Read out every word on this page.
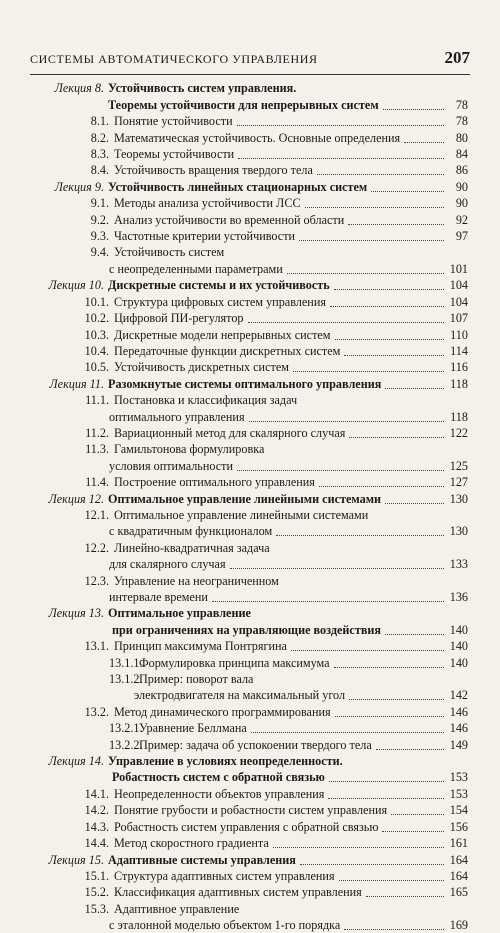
СИСТЕМЫ АВТОМАТИЧЕСКОГО УПРАВЛЕНИЯ	207
Лекция 8. Устойчивость систем управления.
Теоремы устойчивости для непрерывных систем	78
8.1. Понятие устойчивости	78
8.2. Математическая устойчивость. Основные определения	80
8.3. Теоремы устойчивости	84
8.4. Устойчивость вращения твердого тела	86
Лекция 9. Устойчивость линейных стационарных систем	90
9.1. Методы анализа устойчивости ЛСС	90
9.2. Анализ устойчивости во временной области	92
9.3. Частотные критерии устойчивости	97
9.4. Устойчивость систем
с неопределенными параметрами	101
Лекция 10. Дискретные системы и их устойчивость	104
10.1. Структура цифровых систем управления	104
10.2. Цифровой ПИ-регулятор	107
10.3. Дискретные модели непрерывных систем	110
10.4. Передаточные функции дискретных систем	114
10.5. Устойчивость дискретных систем	116
Лекция 11. Разомкнутые системы оптимального управления	118
11.1. Постановка и классификация задач
оптимального управления	118
11.2. Вариационный метод для скалярного случая	122
11.3. Гамильтонова формулировка
условия оптимальности	125
11.4. Построение оптимального управления	127
Лекция 12. Оптимальное управление линейными системами	130
12.1. Оптимальное управление линейными системами
с квадратичным функционалом	130
12.2. Линейно-квадратичная задача
для скалярного случая	133
12.3. Управление на неограниченном
интервале времени	136
Лекция 13. Оптимальное управление
при ограничениях на управляющие воздействия	140
13.1. Принцип максимума Понтрягина	140
13.1.1.
Формулировка принципа максимума	140
13.1.2.
Пример: поворот вала
электродвигателя на максимальный угол	142
13.2. Метод динамического программирования	146
13.2.1.
Уравнение Беллмана	146
13.2.2.
Пример: задача об успокоении твердого тела	149
Лекция 14. Управление в условиях неопределенности.
Робастность систем с обратной связью	153
14.1. Неопределенности объектов управления	153
14.2. Понятие грубости и робастности систем управления	154
14.3. Робастность систем управления с обратной связью	156
14.4. Метод скоростного градиента	161
Лекция 15. Адаптивные системы управления	164
15.1. Структура адаптивных систем управления	164
15.2. Классификация адаптивных систем управления	165
15.3. Адаптивное управление
с эталонной моделью объектом 1-го порядка	169
